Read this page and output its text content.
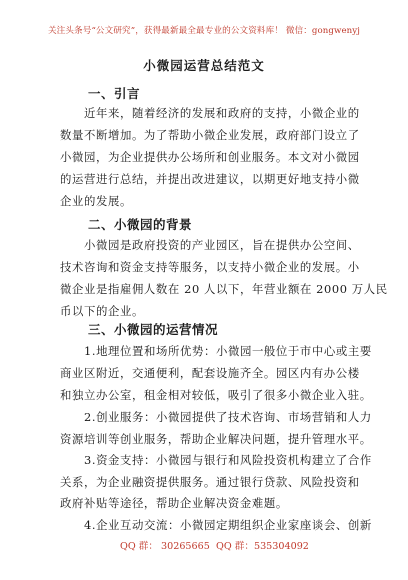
关注头条号“公文研究”，获得最新最全最专业的公文资料库！ 微信：gongwenyj
小微园运营总结范文
一、引言
近年来，随着经济的发展和政府的支持，小微企业的
数量不断增加。为了帮助小微企业发展，政府部门设立了
小微园，为企业提供办公场所和创业服务。本文对小微园
的运营进行总结，并提出改进建议，以期更好地支持小微
企业的发展。
二、小微园的背景
小微园是政府投资的产业园区，旨在提供办公空间、
技术咨询和资金支持等服务，以支持小微企业的发展。小
微企业是指雇佣人数在 20 人以下，年营业额在 2000 万人民
币以下的企业。
三、小微园的运营情况
1.地理位置和场所优势：小微园一般位于市中心或主要
商业区附近，交通便利，配套设施齐全。园区内有办公楼
和独立办公室，租金相对较低，吸引了很多小微企业入驻。
2.创业服务：小微园提供了技术咨询、市场营销和人力
资源培训等创业服务，帮助企业解决问题，提升管理水平。
3.资金支持：小微园与银行和风险投资机构建立了合作
关系，为企业融资提供服务。通过银行贷款、风险投资和
政府补贴等途径，帮助企业解决资金难题。
QQ 群： 30265665 QQ 群：535304092
4.企业互动交流：小微园定期组织企业家座谈会、创新
